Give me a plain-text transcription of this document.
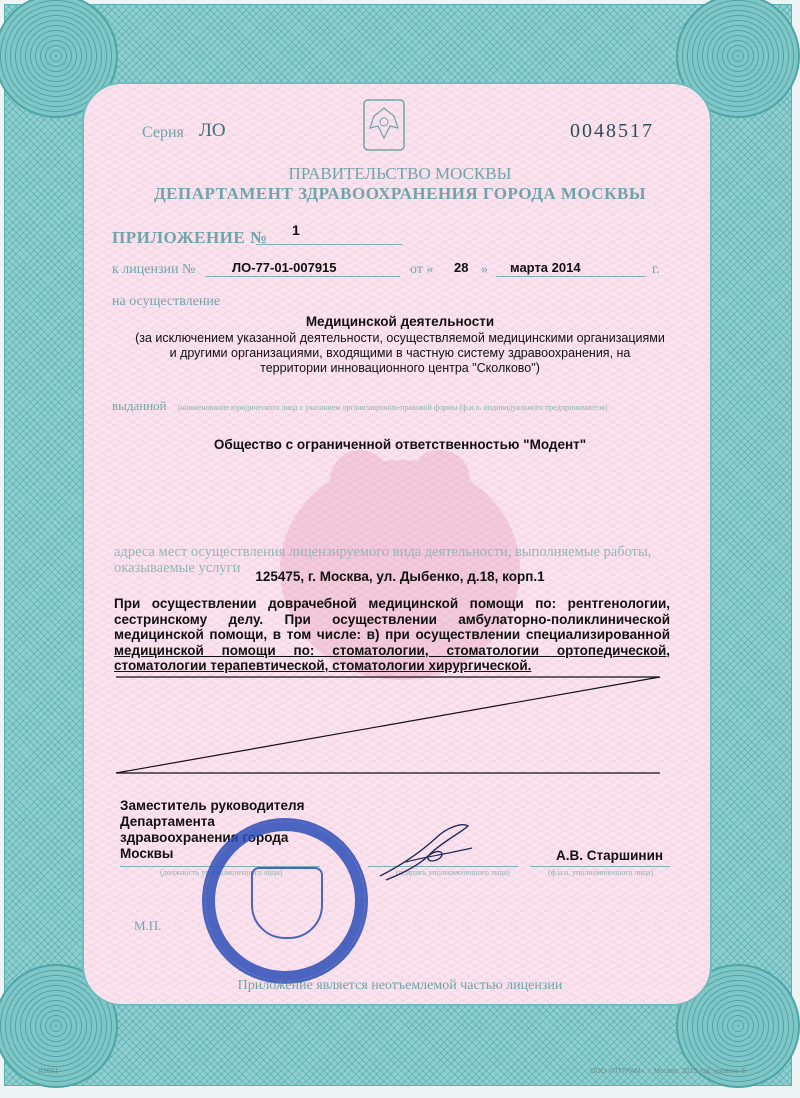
Серия ЛО	0048517
ПРАВИТЕЛЬСТВО МОСКВЫ
ДЕПАРТАМЕНТ ЗДРАВООХРАНЕНИЯ ГОРОДА МОСКВЫ
ПРИЛОЖЕНИЕ № 1
к лицензии №	ЛО-77-01-007915	от « 28 » марта 2014	г.
на осуществление
Медицинской деятельности
(за исключением указанной деятельности, осуществляемой медицинскими организациями
и другими организациями, входящими в частную систему здравоохранения, на
территории инновационного центра "Сколково")
выданной (наименование юридического лица с указанием организационно-правовой формы (ф.и.о. индивидуального предпринимателя)
Общество с ограниченной ответственностью "Модент"
адреса мест осуществления лицензируемого вида деятельности, выполняемые работы,
оказываемые услуги
125475, г. Москва, ул. Дыбенко, д.18, корп.1
При осуществлении доврачебной медицинской помощи по: рентгенологии,
сестринскому делу. При осуществлении амбулаторно-поликлинической
медицинской помощи, в том числе: в) при осуществлении специализированной
медицинской помощи по: стоматологии, стоматологии ортопедической,
стоматологии терапевтической, стоматологии хирургической.
Заместитель руководителя
Департамента
здравоохранения города
Москвы	А.В. Старшинин
(должность уполномоченного лица)	(подпись уполномоченного лица)	(ф.и.о. уполномоченного лица)
М.П.
Приложение является неотъемлемой частью лицензии
А2601	ООО «ПТУРАМ», г. Москва, 2013 год, уровень Б
